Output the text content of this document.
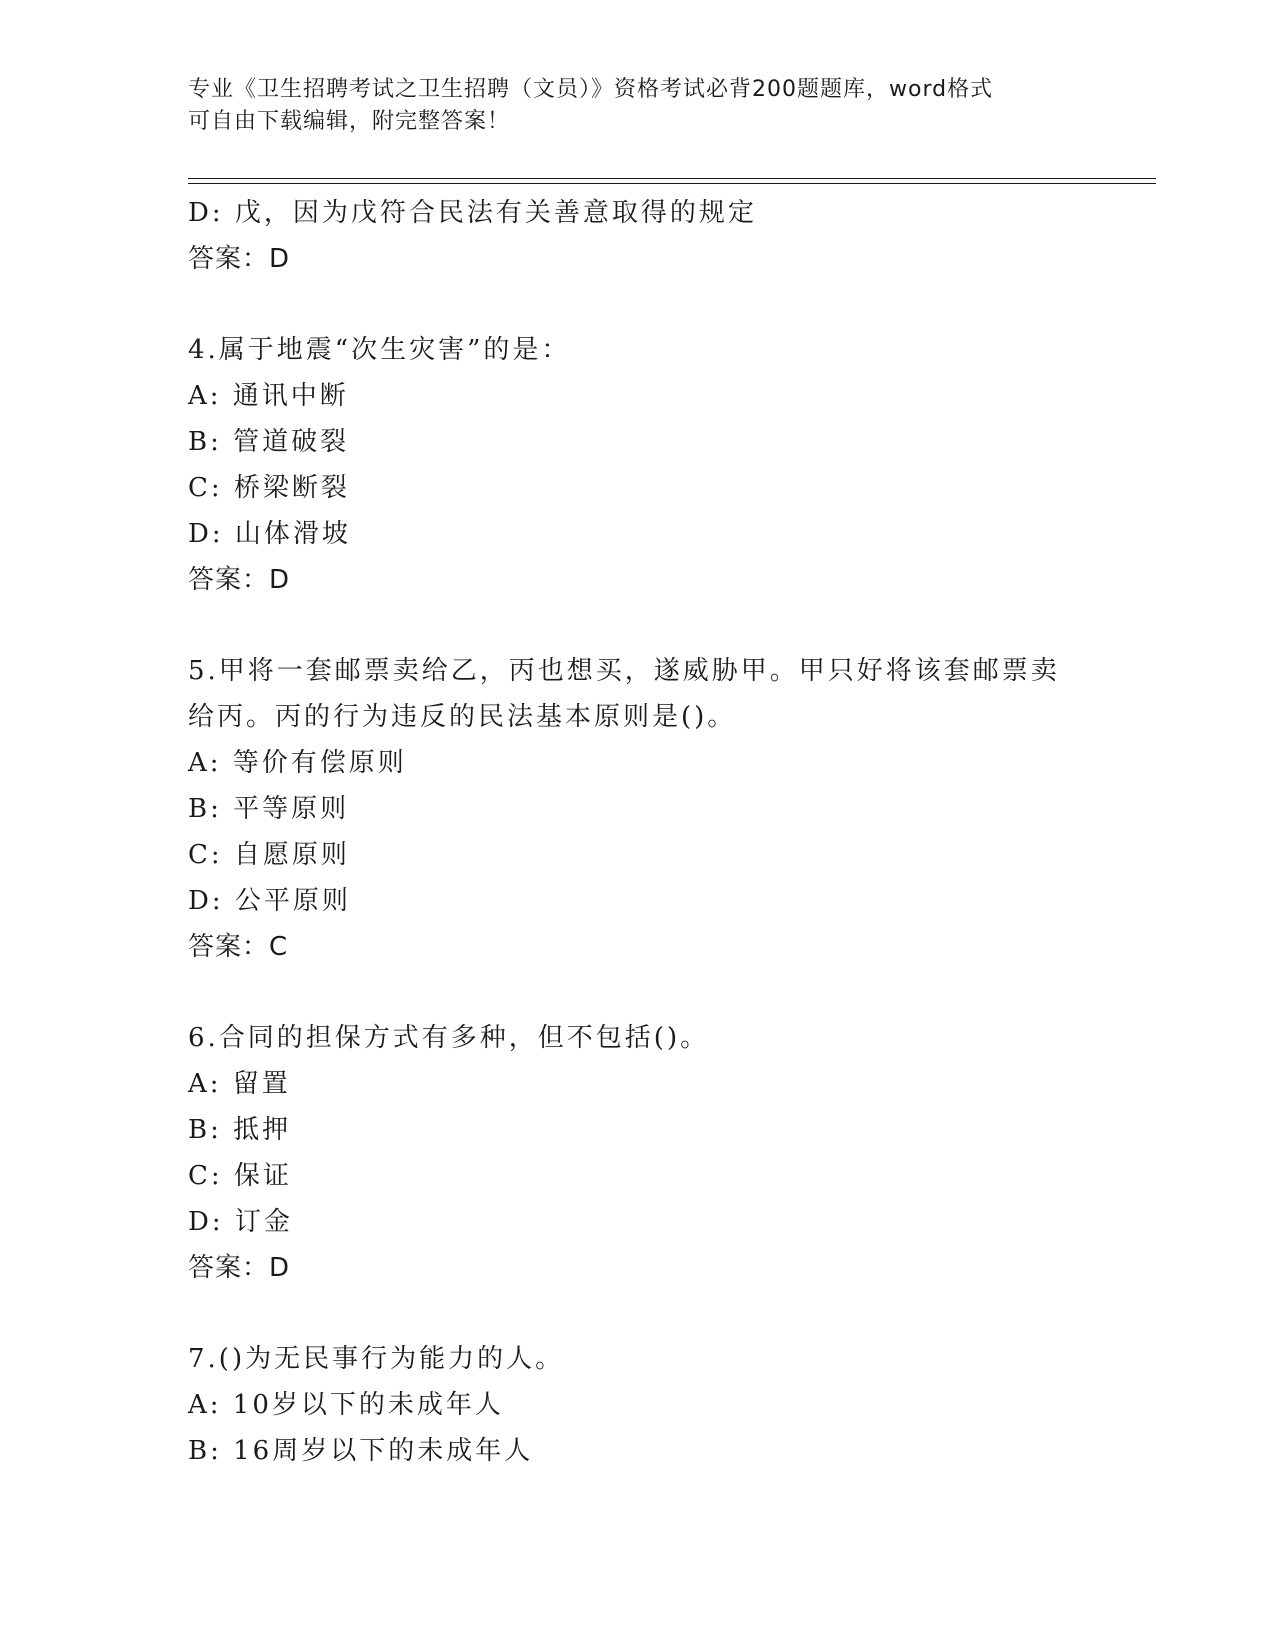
专业《卫生招聘考试之卫生招聘（文员）》资格考试必背200题题库，word格式
可自由下载编辑，附完整答案！
D: 戊，因为戊符合民法有关善意取得的规定
答案：D
4.属于地震“次生灾害”的是：
A: 通讯中断
B: 管道破裂
C: 桥梁断裂
D: 山体滑坡
答案：D
5.甲将一套邮票卖给乙，丙也想买，遂威胁甲。甲只好将该套邮票卖
给丙。丙的行为违反的民法基本原则是()。
A: 等价有偿原则
B: 平等原则
C: 自愿原则
D: 公平原则
答案：C
6.合同的担保方式有多种，但不包括()。
A: 留置
B: 抵押
C: 保证
D: 订金
答案：D
7.()为无民事行为能力的人。
A: 10岁以下的未成年人
B: 16周岁以下的未成年人
